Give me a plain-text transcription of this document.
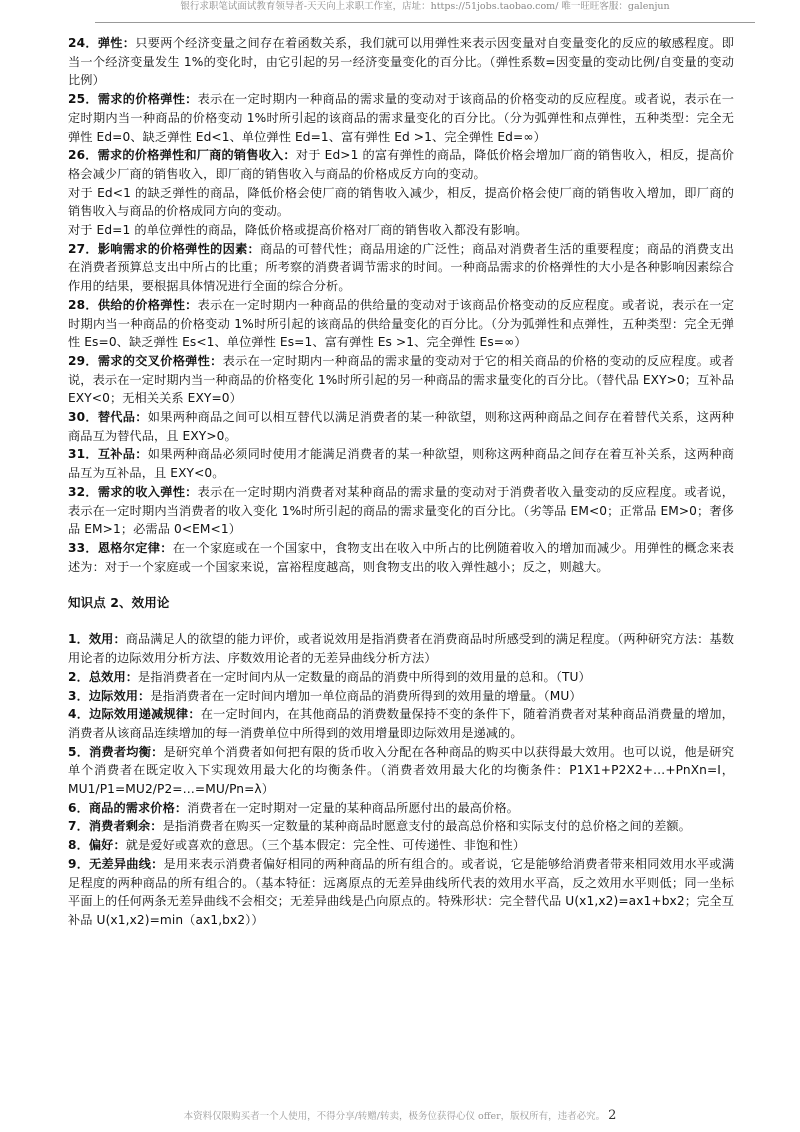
银行求职笔试面试教育领导者-天天向上求职工作室，店址：https://51jobs.taobao.com/ 唯一旺旺客服：galenjun

24．弹性：只要两个经济变量之间存在着函数关系，我们就可以用弹性来表示因变量对自变量变化的反应的敏感程度。即当一个经济变量发生 1%的变化时，由它引起的另一经济变量变化的百分比。（弹性系数=因变量的变动比例/自变量的变动比例）

25．需求的价格弹性：表示在一定时期内一种商品的需求量的变动对于该商品的价格变动的反应程度。或者说，表示在一定时期内当一种商品的价格变动 1%时所引起的该商品的需求量变化的百分比。（分为弧弹性和点弹性，五种类型：完全无弹性 Ed=0、缺乏弹性 Ed<1、单位弹性 Ed=1、富有弹性 Ed >1、完全弹性 Ed=∞）

26．需求的价格弹性和厂商的销售收入：对于 Ed>1 的富有弹性的商品，降低价格会增加厂商的销售收入，相反，提高价格会减少厂商的销售收入，即厂商的销售收入与商品的价格成反方向的变动。

对于 Ed<1 的缺乏弹性的商品，降低价格会使厂商的销售收入减少，相反，提高价格会使厂商的销售收入增加，即厂商的销售收入与商品的价格成同方向的变动。

对于 Ed=1 的单位弹性的商品，降低价格或提高价格对厂商的销售收入都没有影响。

27．影响需求的价格弹性的因素：商品的可替代性；商品用途的广泛性；商品对消费者生活的重要程度；商品的消费支出在消费者预算总支出中所占的比重；所考察的消费者调节需求的时间。一种商品需求的价格弹性的大小是各种影响因素综合作用的结果，要根据具体情况进行全面的综合分析。

28．供给的价格弹性：表示在一定时期内一种商品的供给量的变动对于该商品价格变动的反应程度。或者说，表示在一定时期内当一种商品的价格变动 1%时所引起的该商品的供给量变化的百分比。（分为弧弹性和点弹性，五种类型：完全无弹性 Es=0、缺乏弹性 Es<1、单位弹性 Es=1、富有弹性 Es >1、完全弹性 Es=∞）

29．需求的交叉价格弹性：表示在一定时期内一种商品的需求量的变动对于它的相关商品的价格的变动的反应程度。或者说，表示在一定时期内当一种商品的价格变化 1%时所引起的另一种商品的需求量变化的百分比。（替代品 EXY>0；互补品 EXY<0；无相关关系 EXY=0）

30．替代品：如果两种商品之间可以相互替代以满足消费者的某一种欲望，则称这两种商品之间存在着替代关系，这两种商品互为替代品，且 EXY>0。

31．互补品：如果两种商品必须同时使用才能满足消费者的某一种欲望，则称这两种商品之间存在着互补关系，这两种商品互为互补品，且 EXY<0。

32．需求的收入弹性：表示在一定时期内消费者对某种商品的需求量的变动对于消费者收入量变动的反应程度。或者说，表示在一定时期内当消费者的收入变化 1%时所引起的商品的需求量变化的百分比。（劣等品 EM<0；正常品 EM>0；奢侈品 EM>1；必需品 0<EM<1）

33．恩格尔定律：在一个家庭或在一个国家中，食物支出在收入中所占的比例随着收入的增加而减少。用弹性的概念来表述为：对于一个家庭或一个国家来说，富裕程度越高，则食物支出的收入弹性越小；反之，则越大。

知识点 2、效用论

1．效用：商品满足人的欲望的能力评价，或者说效用是指消费者在消费商品时所感受到的满足程度。（两种研究方法：基数用论者的边际效用分析方法、序数效用论者的无差异曲线分析方法）

2．总效用：是指消费者在一定时间内从一定数量的商品的消费中所得到的效用量的总和。（TU）

3．边际效用：是指消费者在一定时间内增加一单位商品的消费所得到的效用量的增量。（MU）

4．边际效用递减规律：在一定时间内，在其他商品的消费数量保持不变的条件下，随着消费者对某种商品消费量的增加，消费者从该商品连续增加的每一消费单位中所得到的效用增量即边际效用是递减的。

5．消费者均衡：是研究单个消费者如何把有限的货币收入分配在各种商品的购买中以获得最大效用。也可以说，他是研究单个消费者在既定收入下实现效用最大化的均衡条件。（消费者效用最大化的均衡条件：P1X1+P2X2+…+PnXn=I，MU1/P1=MU2/P2=…=MU/Pn=λ）

6．商品的需求价格：消费者在一定时期对一定量的某种商品所愿付出的最高价格。

7．消费者剩余：是指消费者在购买一定数量的某种商品时愿意支付的最高总价格和实际支付的总价格之间的差额。

8．偏好：就是爱好或喜欢的意思。（三个基本假定：完全性、可传递性、非饱和性）

9．无差异曲线：是用来表示消费者偏好相同的两种商品的所有组合的。或者说，它是能够给消费者带来相同效用水平或满足程度的两种商品的所有组合的。（基本特征：远离原点的无差异曲线所代表的效用水平高，反之效用水平则低；同一坐标平面上的任何两条无差异曲线不会相交；无差异曲线是凸向原点的。特殊形状：完全替代品 U(x1,x2)=ax1+bx2；完全互补品 U(x1,x2)=min（ax1,bx2））

本资料仅限购买者一个人使用，不得分享/转赠/转卖，极务位获得心仪 offer，版权所有，违者必究。 2
